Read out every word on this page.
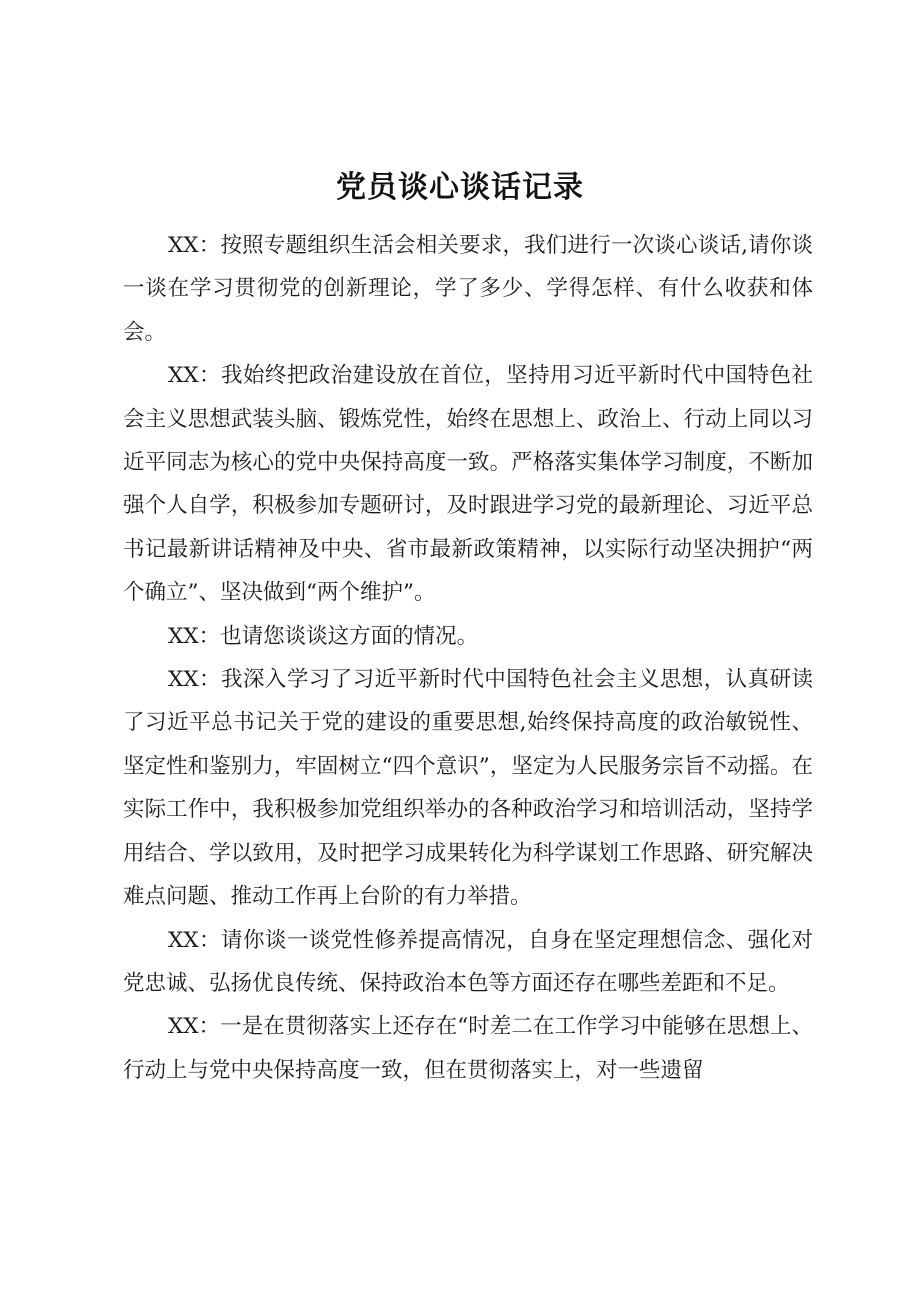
党员谈心谈话记录

XX：按照专题组织生活会相关要求，我们进行一次谈心谈话,请你谈一谈在学习贯彻党的创新理论，学了多少、学得怎样、有什么收获和体会。

XX：我始终把政治建设放在首位，坚持用习近平新时代中国特色社会主义思想武装头脑、锻炼党性，始终在思想上、政治上、行动上同以习近平同志为核心的党中央保持高度一致。严格落实集体学习制度，不断加强个人自学，积极参加专题研讨，及时跟进学习党的最新理论、习近平总书记最新讲话精神及中央、省市最新政策精神，以实际行动坚决拥护“两个确立”、坚决做到“两个维护”。

XX：也请您谈谈这方面的情况。

XX：我深入学习了习近平新时代中国特色社会主义思想，认真研读了习近平总书记关于党的建设的重要思想,始终保持高度的政治敏锐性、坚定性和鉴别力，牢固树立“四个意识”，坚定为人民服务宗旨不动摇。在实际工作中，我积极参加党组织举办的各种政治学习和培训活动，坚持学用结合、学以致用，及时把学习成果转化为科学谋划工作思路、研究解决难点问题、推动工作再上台阶的有力举措。

XX：请你谈一谈党性修养提高情况，自身在坚定理想信念、强化对党忠诚、弘扬优良传统、保持政治本色等方面还存在哪些差距和不足。

XX：一是在贯彻落实上还存在“时差二在工作学习中能够在思想上、行动上与党中央保持高度一致，但在贯彻落实上，对一些遗留
